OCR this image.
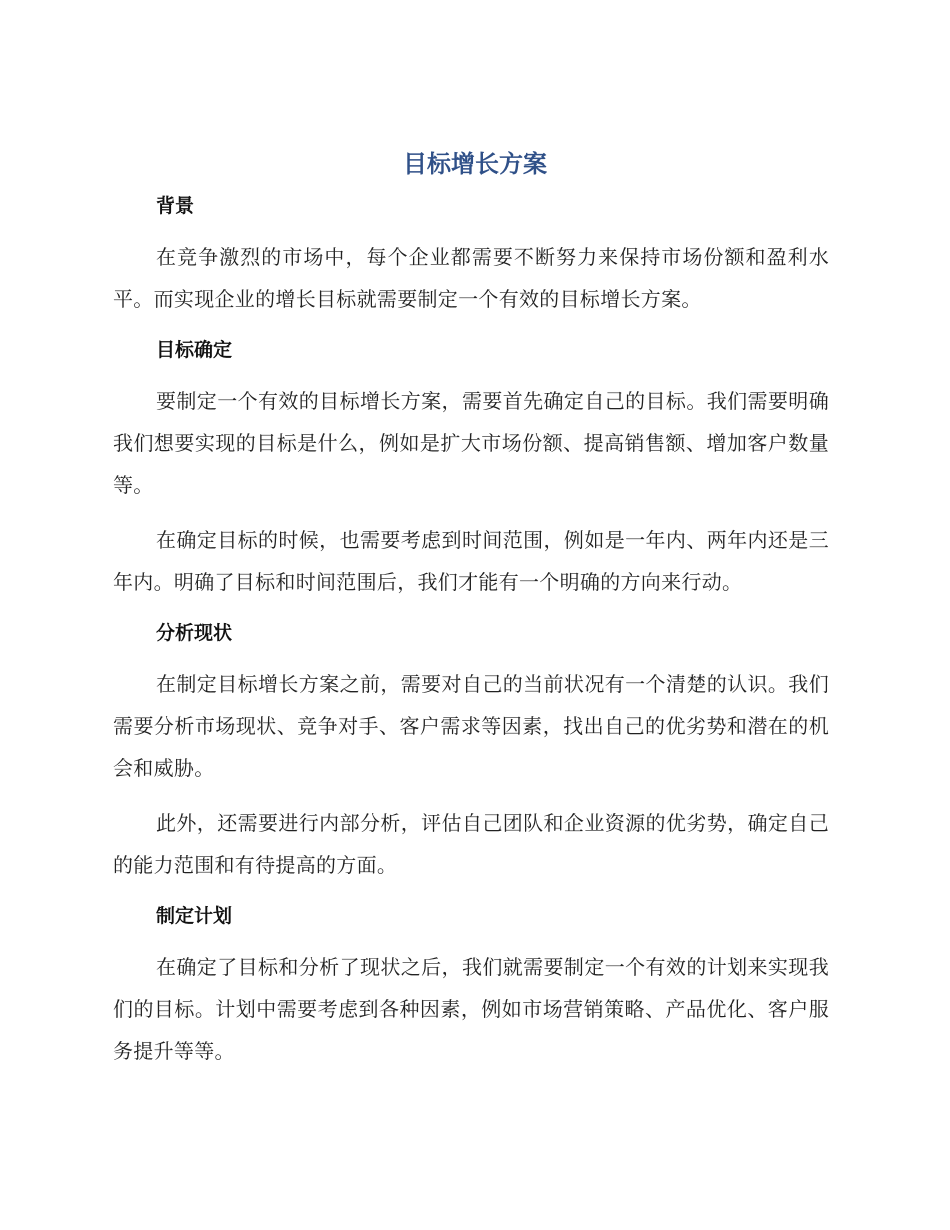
目标增长方案
背景

在竞争激烈的市场中，每个企业都需要不断努力来保持市场份额和盈利水平。而实现企业的增长目标就需要制定一个有效的目标增长方案。

目标确定

要制定一个有效的目标增长方案，需要首先确定自己的目标。我们需要明确我们想要实现的目标是什么，例如是扩大市场份额、提高销售额、增加客户数量等。

在确定目标的时候，也需要考虑到时间范围，例如是一年内、两年内还是三年内。明确了目标和时间范围后，我们才能有一个明确的方向来行动。

分析现状

在制定目标增长方案之前，需要对自己的当前状况有一个清楚的认识。我们需要分析市场现状、竞争对手、客户需求等因素，找出自己的优劣势和潜在的机会和威胁。

此外，还需要进行内部分析，评估自己团队和企业资源的优劣势，确定自己的能力范围和有待提高的方面。

制定计划

在确定了目标和分析了现状之后，我们就需要制定一个有效的计划来实现我们的目标。计划中需要考虑到各种因素，例如市场营销策略、产品优化、客户服务提升等等。
